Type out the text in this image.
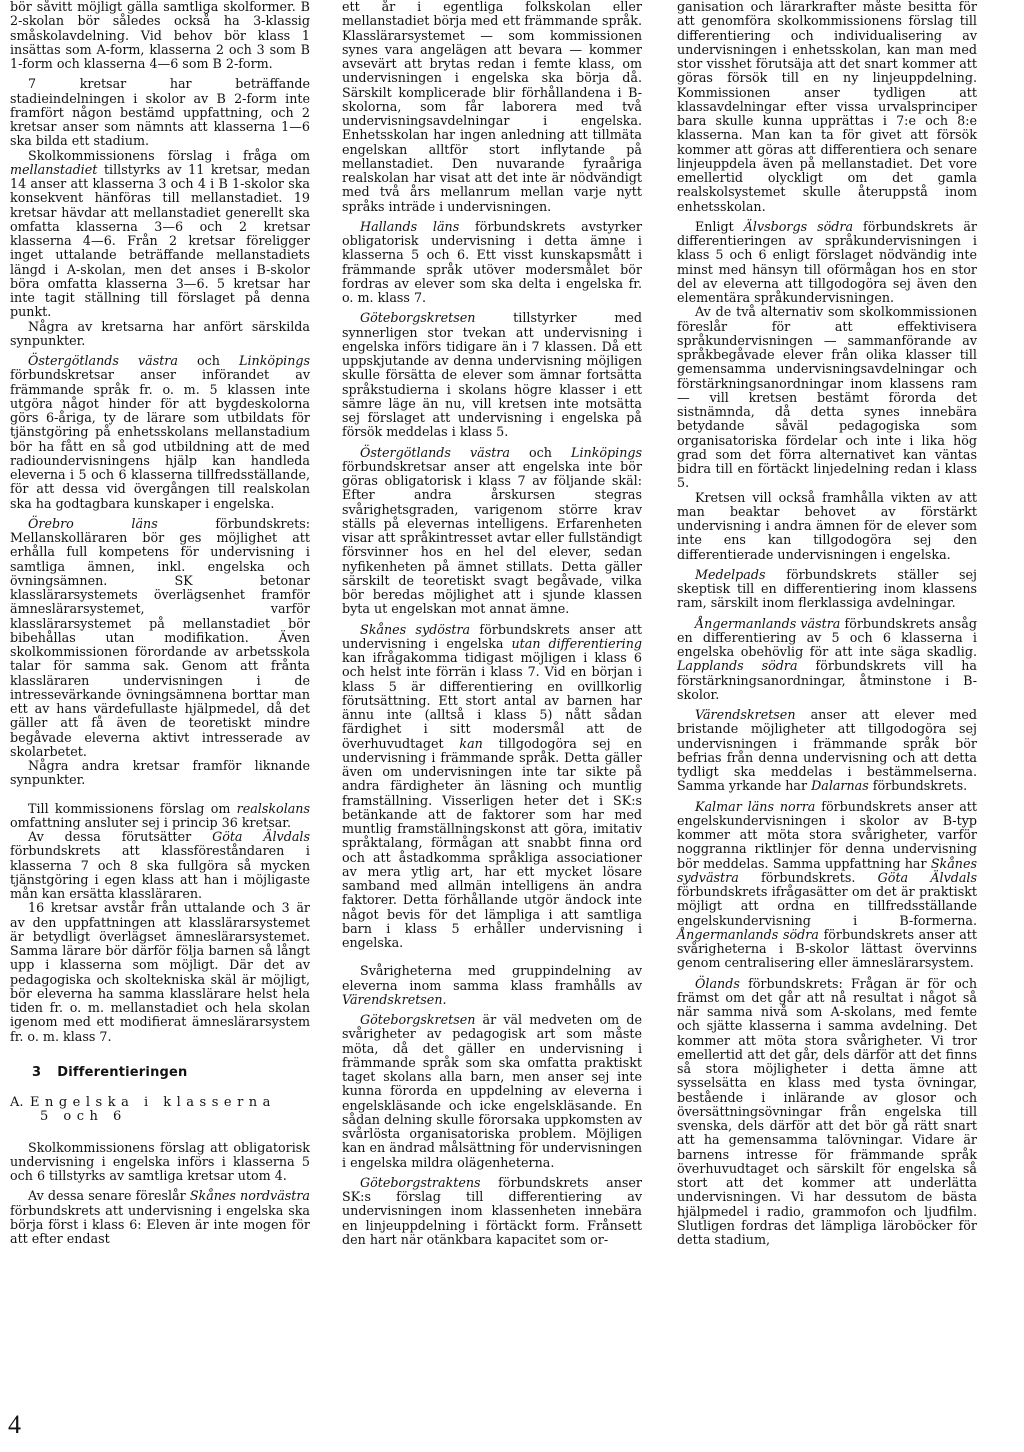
bör såvitt möjligt gälla samtliga skolformer. B 2-skolan bör således också ha 3-klassig småskolavdelning. Vid behov bör klass 1 insättas som A-form, klasserna 2 och 3 som B 1-form och klasserna 4—6 som B 2-form.

7 kretsar har beträffande stadieindelningen i skolor av B 2-form inte framfört någon bestämd uppfattning, och 2 kretsar anser som nämnts att klasserna 1—6 ska bilda ett stadium.

Skolkommissionens förslag i fråga om mellanstadiet tillstyrks av 11 kretsar, medan 14 anser att klasserna 3 och 4 i B 1-skolor ska konsekvent hänföras till mellanstadiet. 19 kretsar hävdar att mellanstadiet generellt ska omfatta klasserna 3—6 och 2 kretsar klasserna 4—6. Från 2 kretsar föreligger inget uttalande beträffande mellanstadiets längd i A-skolan, men det anses i B-skolor böra omfatta klasserna 3—6. 5 kretsar har inte tagit ställning till förslaget på denna punkt.

Några av kretsarna har anfört särskilda synpunkter.

Östergötlands västra och Linköpings förbundskretsar anser införandet av främmande språk fr. o. m. 5 klassen inte utgöra något hinder för att bygdeskolorna görs 6-åriga, ty de lärare som utbildats för tjänstgöring på enhetsskolans mellanstadium bör ha fått en så god utbildning att de med radioundervisningens hjälp kan handleda eleverna i 5 och 6 klasserna tillfredsställande, för att dessa vid övergången till realskolan ska ha godtagbara kunskaper i engelska.

Örebro läns förbundskrets: Mellanskolläraren bör ges möjlighet att erhålla full kompetens för undervisning i samtliga ämnen, inkl. engelska och övningsämnen. SK betonar klasslärarsystemets överlägsenhet framför ämneslärarsystemet, varför klasslärarsystemet på mellanstadiet bör bibehållas utan modifikation. Även skolkommissionen förordande av arbetsskola talar för samma sak. Genom att frånta klassläraren undervisningen i de intressevärkande övningsämnena borttar man ett av hans värdefullaste hjälpmedel, då det gäller att få även de teoretiskt mindre begåvade eleverna aktivt intresserade av skolarbetet.

Några andra kretsar framför liknande synpunkter.

Till kommissionens förslag om realskolans omfattning ansluter sej i princip 36 kretsar.

Av dessa förutsätter Göta Älvdals förbundskrets att klassföreståndaren i klasserna 7 och 8 ska fullgöra så mycken tjänstgöring i egen klass att han i möjligaste mån kan ersätta klassläraren.

16 kretsar avstår från uttalande och 3 är av den uppfattningen att klasslärarsystemet är betydligt överlägset ämneslärarsystemet. Samma lärare bör därför följa barnen så långt upp i klasserna som möjligt. Där det av pedagogiska och skoltekniska skäl är möjligt, bör eleverna ha samma klasslärare helst hela tiden fr. o. m. mellanstadiet och hela skolan igenom med ett modifierat ämneslärarsystem fr. o. m. klass 7.

3 Differentieringen
A. Engelska i klasserna
5 och 6

Skolkommissionens förslag att obligatorisk undervisning i engelska införs i klasserna 5 och 6 tillstyrks av samtliga kretsar utom 4.

Av dessa senare föreslår Skånes nordvästra förbundskrets att undervisning i engelska ska börja först i klass 6: Eleven är inte mogen för att efter endast

ett år i egentliga folkskolan eller mellanstadiet börja med ett främmande språk. Klasslärarsystemet — som kommissionen synes vara angelägen att bevara — kommer avsevärt att brytas redan i femte klass, om undervisningen i engelska ska börja då. Särskilt komplicerade blir förhållandena i B-skolorna, som får laborera med två undervisningsavdelningar i engelska. Enhetsskolan har ingen anledning att tillmäta engelskan alltför stort inflytande på mellanstadiet. Den nuvarande fyraåriga realskolan har visat att det inte är nödvändigt med två års mellanrum mellan varje nytt språks inträde i undervisningen.

Hallands läns förbundskrets avstyrker obligatorisk undervisning i detta ämne i klasserna 5 och 6. Ett visst kunskapsmått i främmande språk utöver modersmålet bör fordras av elever som ska delta i engelska fr. o. m. klass 7.

Göteborgskretsen tillstyrker med synnerligen stor tvekan att undervisning i engelska införs tidigare än i 7 klassen. Då ett uppskjutande av denna undervisning möjligen skulle försätta de elever som ämnar fortsätta språkstudierna i skolans högre klasser i ett sämre läge än nu, vill kretsen inte motsätta sej förslaget att undervisning i engelska på försök meddelas i klass 5.

Östergötlands västra och Linköpings förbundskretsar anser att engelska inte bör göras obligatorisk i klass 7 av följande skäl: Efter andra årskursen stegras svårighetsgraden, varigenom större krav ställs på elevernas intelligens. Erfarenheten visar att språkintresset avtar eller fullständigt försvinner hos en hel del elever, sedan nyfikenheten på ämnet stillats. Detta gäller särskilt de teoretiskt svagt begåvade, vilka bör beredas möjlighet att i sjunde klassen byta ut engelskan mot annat ämne.

Skånes sydöstra förbundskrets anser att undervisning i engelska utan differentiering kan ifrågakomma tidigast möjligen i klass 6 och helst inte förrän i klass 7. Vid en början i klass 5 är differentiering en ovillkorlig förutsättning. Ett stort antal av barnen har ännu inte (alltså i klass 5) nått sådan färdighet i sitt modersmål att de överhuvudtaget kan tillgodogöra sej en undervisning i främmande språk. Detta gäller även om undervisningen inte tar sikte på andra färdigheter än läsning och muntlig framställning. Visserligen heter det i SK:s betänkande att de faktorer som har med muntlig framställningskonst att göra, imitativ språktalang, förmågan att snabbt finna ord och att åstadkomma språkliga associationer av mera ytlig art, har ett mycket lösare samband med allmän intelligens än andra faktorer. Detta förhållande utgör ändock inte något bevis för det lämpliga i att samtliga barn i klass 5 erhåller undervisning i engelska.

Svårigheterna med gruppindelning av eleverna inom samma klass framhålls av Värendskretsen.

Göteborgskretsen är väl medveten om de svårigheter av pedagogisk art som måste möta, då det gäller en undervisning i främmande språk som ska omfatta praktiskt taget skolans alla barn, men anser sej inte kunna förorda en uppdelning av eleverna i engelskläsande och icke engelskläsande. En sådan delning skulle förorsaka uppkomsten av svårlösta organisatoriska problem. Möjligen kan en ändrad målsättning för undervisningen i engelska mildra olägenheterna.

Göteborgstraktens förbundskrets anser SK:s förslag till differentiering av undervisningen inom klassenheten innebära en linjeuppdelning i förtäckt form. Frånsett den hart när otänkbara kapacitet som or-

ganisation och lärarkrafter måste besitta för att genomföra skolkommissionens förslag till differentiering och individualisering av undervisningen i enhetsskolan, kan man med stor visshet förutsäja att det snart kommer att göras försök till en ny linjeuppdelning. Kommissionen anser tydligen att klassavdelningar efter vissa urvalsprinciper bara skulle kunna upprättas i 7:e och 8:e klasserna. Man kan ta för givet att försök kommer att göras att differentiera och senare linjeuppdela även på mellanstadiet. Det vore emellertid olyckligt om det gamla realskolsystemet skulle återuppstå inom enhetsskolan.

Enligt Älvsborgs södra förbundskrets är differentieringen av språkundervisningen i klass 5 och 6 enligt förslaget nödvändig inte minst med hänsyn till oförmågan hos en stor del av eleverna att tillgodogöra sej även den elementära språkundervisningen.

Av de två alternativ som skolkommissionen föreslår för att effektivisera språkundervisningen — sammanförande av språkbegåvade elever från olika klasser till gemensamma undervisningsavdelningar och förstärkningsanordningar inom klassens ram — vill kretsen bestämt förorda det sistnämnda, då detta synes innebära betydande såväl pedagogiska som organisatoriska fördelar och inte i lika hög grad som det förra alternativet kan väntas bidra till en förtäckt linjedelning redan i klass 5.

Kretsen vill också framhålla vikten av att man beaktar behovet av förstärkt undervisning i andra ämnen för de elever som inte ens kan tillgodogöra sej den differentierade undervisningen i engelska.

Medelpads förbundskrets ställer sej skeptisk till en differentiering inom klassens ram, särskilt inom flerklassiga avdelningar.

Ångermanlands västra förbundskrets ansåg en differentiering av 5 och 6 klasserna i engelska obehövlig för att inte säga skadlig. Lapplands södra förbundskrets vill ha förstärkningsanordningar, åtminstone i B-skolor.

Värendskretsen anser att elever med bristande möjligheter att tillgodogöra sej undervisningen i främmande språk bör befrias från denna undervisning och att detta tydligt ska meddelas i bestämmelserna. Samma yrkande har Dalarnas förbundskrets.

Kalmar läns norra förbundskrets anser att engelskundervisningen i skolor av B-typ kommer att möta stora svårigheter, varför noggranna riktlinjer för denna undervisning bör meddelas. Samma uppfattning har Skånes sydvästra förbundskrets. Göta Älvdals förbundskrets ifrågasätter om det är praktiskt möjligt att ordna en tillfredsställande engelskundervisning i B-formerna. Ångermanlands södra förbundskrets anser att svårigheterna i B-skolor lättast övervinns genom centralisering eller ämneslärarsystem.

Ölands förbundskrets: Frågan är för och främst om det går att nå resultat i något så när samma nivå som A-skolans, med femte och sjätte klasserna i samma avdelning. Det kommer att möta stora svårigheter. Vi tror emellertid att det går, dels därför att det finns så stora möjligheter i detta ämne att sysselsätta en klass med tysta övningar, bestående i inlärande av glosor och översättningsövningar från engelska till svenska, dels därför att det bör gå rätt snart att ha gemensamma talövningar. Vidare är barnens intresse för främmande språk överhuvudtaget och särskilt för engelska så stort att det kommer att underlätta undervisningen. Vi har dessutom de bästa hjälpmedel i radio, grammofon och ljudfilm. Slutligen fordras det lämpliga läroböcker för detta stadium,

4
